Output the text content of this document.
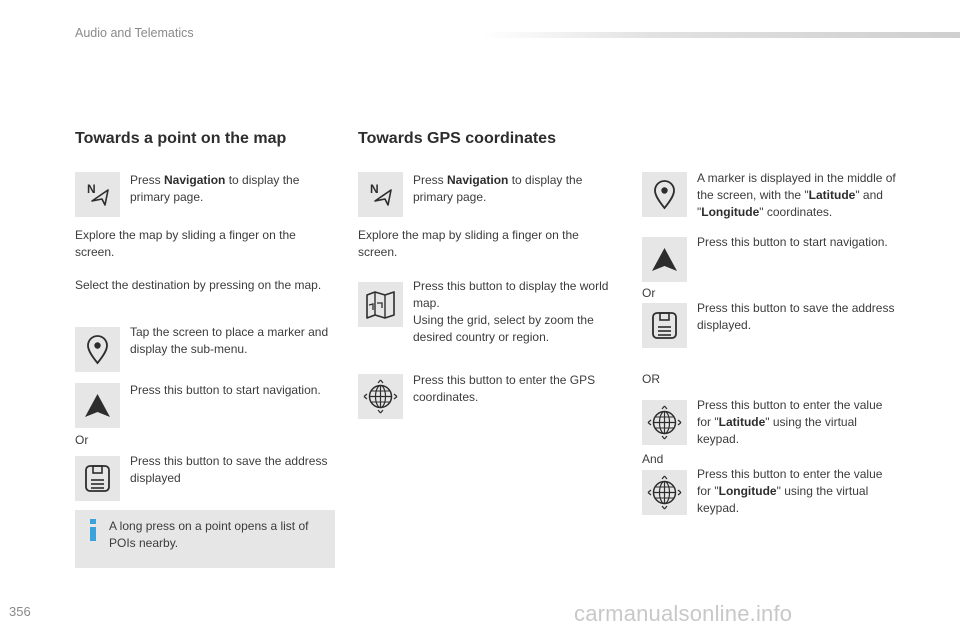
Audio and Telematics
Towards a point on the map
N
Press Navigation to display the primary page.
Explore the map by sliding a finger on the screen.
Select the destination by pressing on the map.
Tap the screen to place a marker and display the sub-menu.
Press this button to start navigation.
Or
Press this button to save the address displayed
A long press on a point opens a list of POIs nearby.
Towards GPS coordinates
N
Press Navigation to display the primary page.
Explore the map by sliding a finger on the screen.
Press this button to display the world map.
Using the grid, select by zoom the desired country or region.
Press this button to enter the GPS coordinates.
A marker is displayed in the middle of the screen, with the "Latitude" and "Longitude" coordinates.
Press this button to start navigation.
Or
Press this button to save the address displayed.
OR
Press this button to enter the value for "Latitude" using the virtual keypad.
And
Press this button to enter the value for "Longitude" using the virtual keypad.
356	carmanualsonline.info
